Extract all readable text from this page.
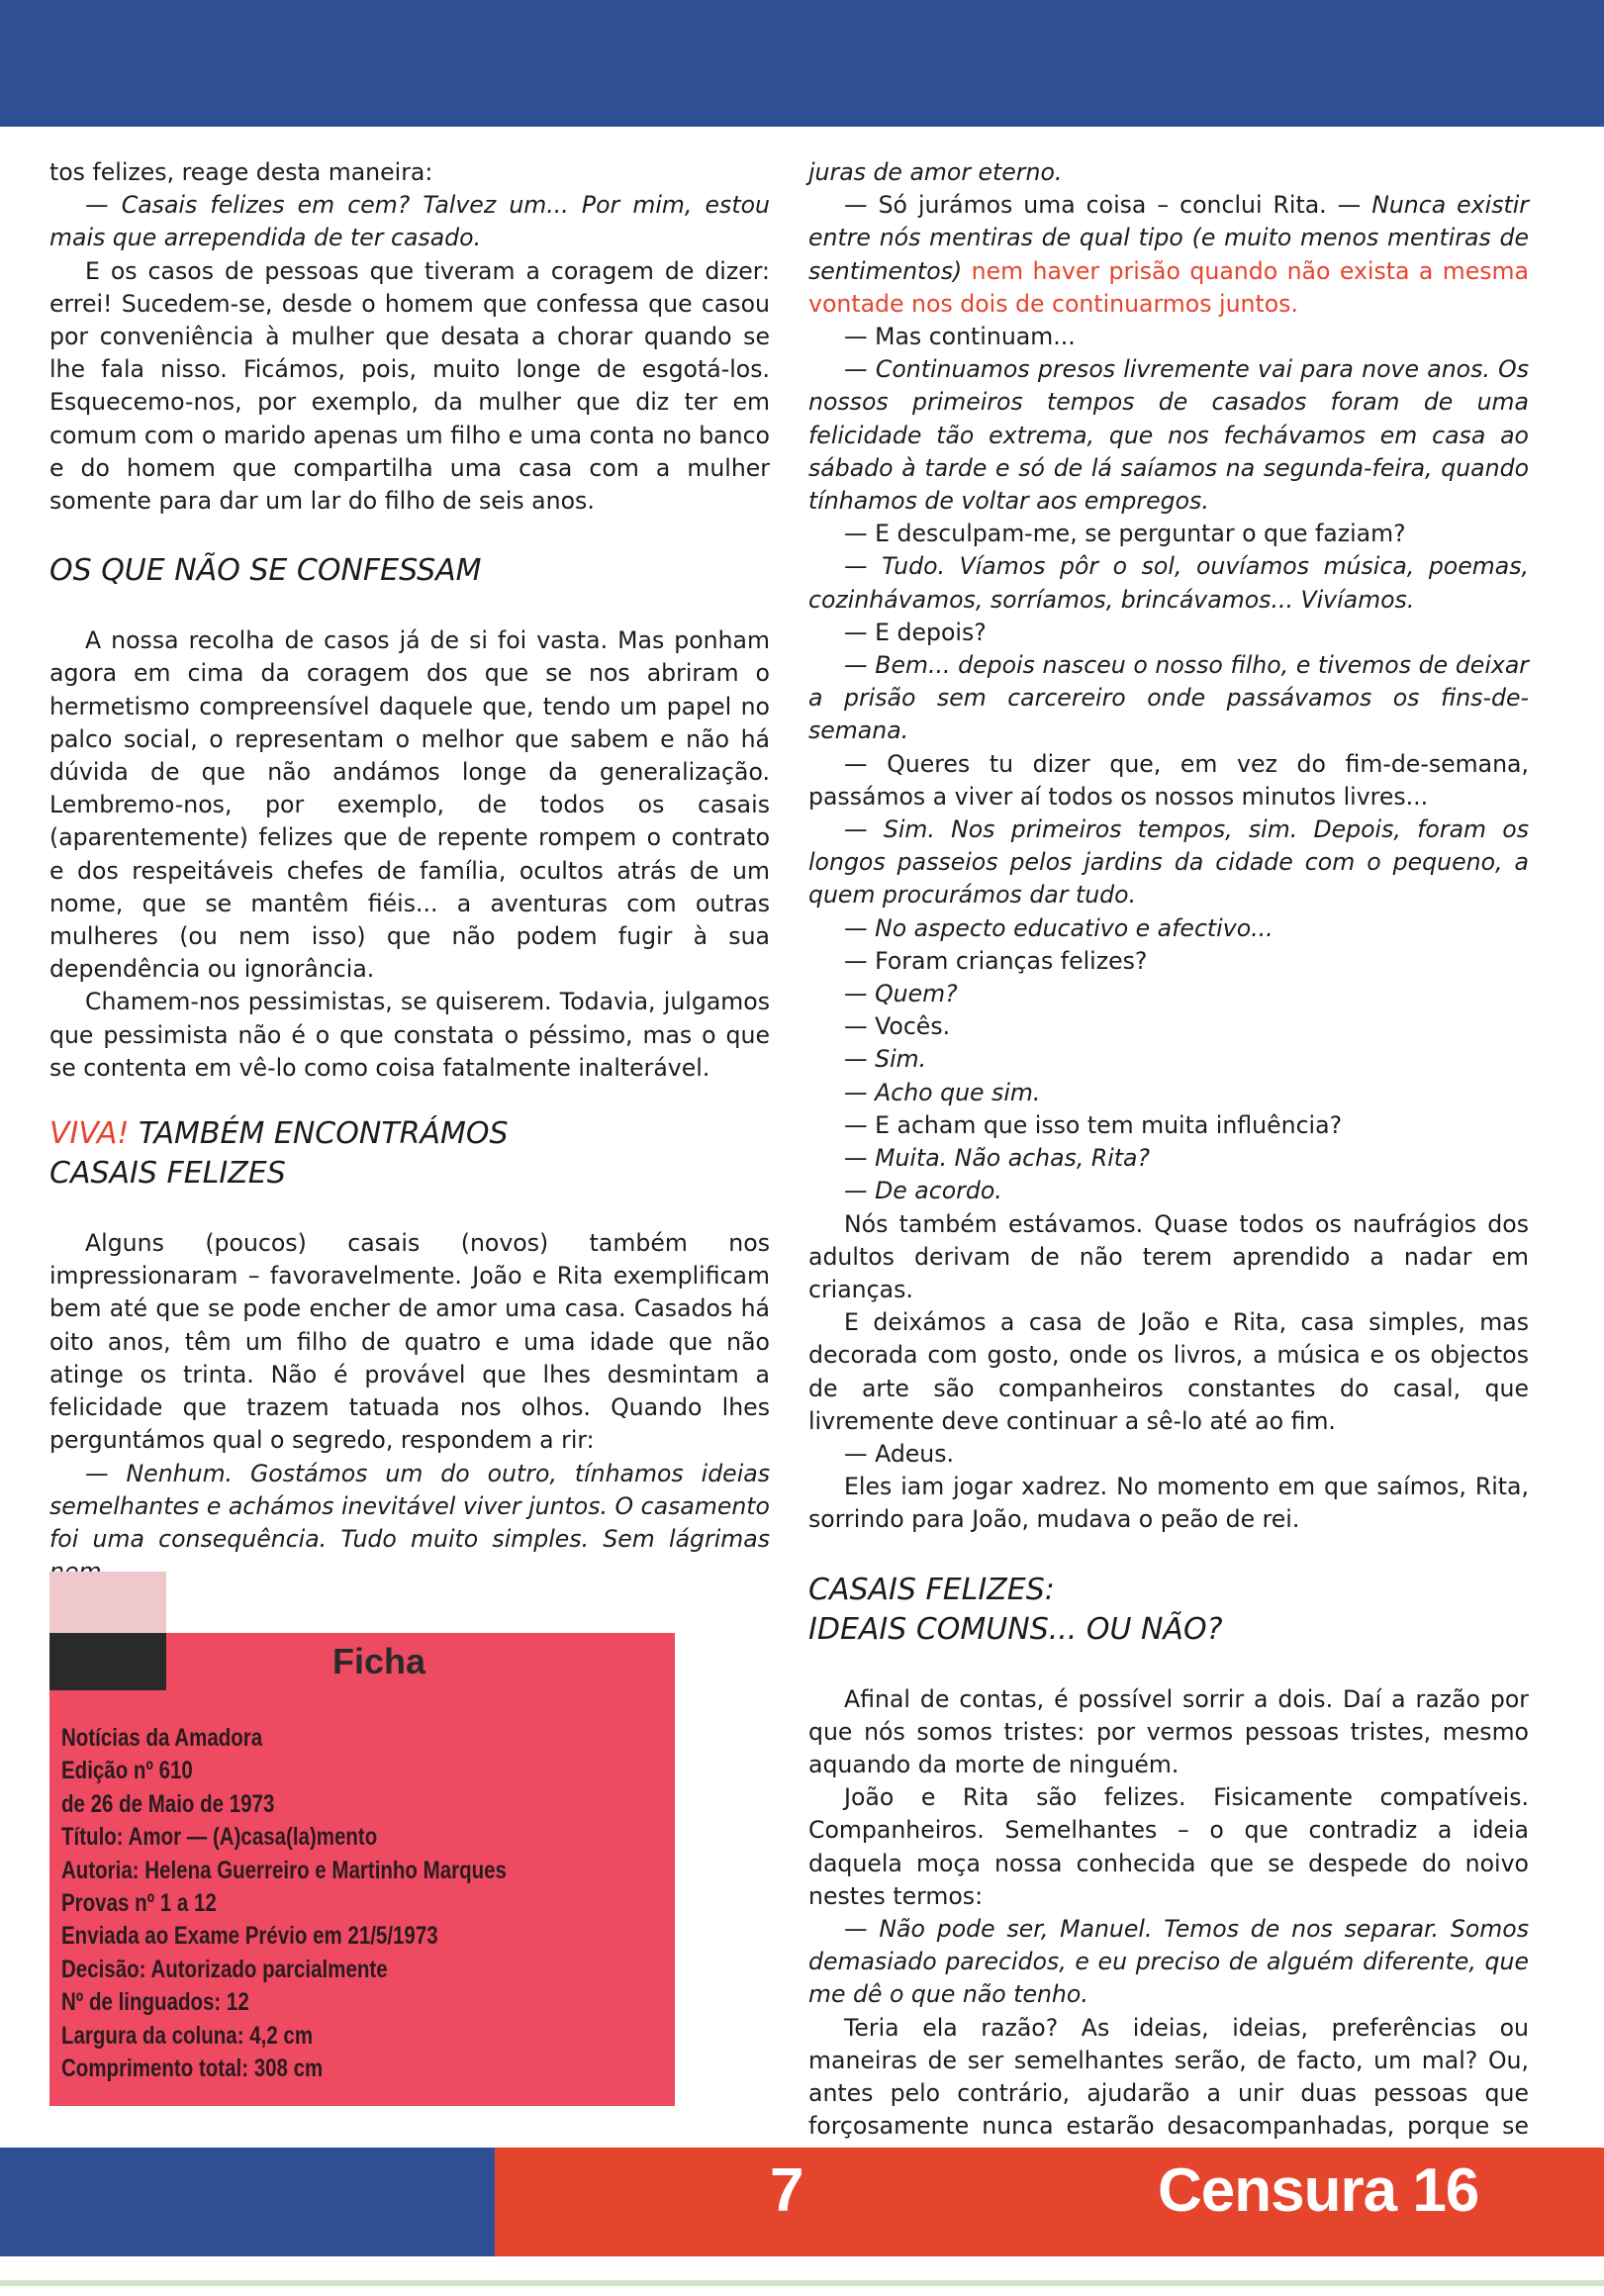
tos felizes, reage desta maneira:

— Casais felizes em cem? Talvez um... Por mim, estou mais que arrependida de ter casado.

E os casos de pessoas que tiveram a coragem de dizer: errei! Sucedem-se, desde o homem que confessa que casou por conveniência à mulher que desata a chorar quando se lhe fala nisso. Ficámos, pois, muito longe de esgotá-los. Esquecemo-nos, por exemplo, da mulher que diz ter em comum com o marido apenas um filho e uma conta no banco e do homem que compartilha uma casa com a mulher somente para dar um lar do filho de seis anos.

OS QUE NÃO SE CONFESSAM

A nossa recolha de casos já de si foi vasta. Mas ponham agora em cima da coragem dos que se nos abriram o hermetismo compreensível daquele que, tendo um papel no palco social, o representam o melhor que sabem e não há dúvida de que não andámos longe da generalização. Lembremo-nos, por exemplo, de todos os casais (aparentemente) felizes que de repente rompem o contrato e dos respeitáveis chefes de família, ocultos atrás de um nome, que se mantêm fiéis... a aventuras com outras mulheres (ou nem isso) que não podem fugir à sua dependência ou ignorância.

Chamem-nos pessimistas, se quiserem. Todavia, julgamos que pessimista não é o que constata o péssimo, mas o que se contenta em vê-lo como coisa fatalmente inalterável.

VIVA! TAMBÉM ENCONTRÁMOS

CASAIS FELIZES

Alguns (poucos) casais (novos) também nos impressionaram – favoravelmente. João e Rita exemplificam bem até que se pode encher de amor uma casa. Casados há oito anos, têm um filho de quatro e uma idade que não atinge os trinta. Não é provável que lhes desmintam a felicidade que trazem tatuada nos olhos. Quando lhes perguntámos qual o segredo, respondem a rir:

— Nenhum. Gostámos um do outro, tínhamos ideias semelhantes e achámos inevitável viver juntos. O casamento foi uma consequência. Tudo muito simples. Sem lágrimas

Ficha
Notícias da Amadora
Edição nº 610
de 26 de Maio de 1973
Título: Amor — (A)casa(la)mento
Autoria: Helena Guerreiro e Martinho Marques
Provas nº 1 a 12
Enviada ao Exame Prévio em 21/5/1973
Decisão: Autorizado parcialmente
Nº de linguados: 12
Largura da coluna: 4,2 cm
Comprimento total: 308 cm

juras de amor eterno.

— Só jurámos uma coisa – conclui Rita. — Nunca existir entre nós mentiras de qual tipo (e muito menos mentiras de sentimentos) nem haver prisão quando não exista a mesma vontade nos dois de continuarmos juntos.

— Mas continuam...

— Continuamos presos livremente vai para nove anos. Os nossos primeiros tempos de casados foram de uma felicidade tão extrema, que nos fechávamos em casa ao sábado à tarde e só de lá saíamos na segunda-feira, quando tínhamos de voltar aos empregos.

— E desculpam-me, se perguntar o que faziam?

— Tudo. Víamos pôr o sol, ouvíamos música, poemas, cozinhávamos, sorríamos, brincávamos... Vivíamos.

— E depois?

— Bem... depois nasceu o nosso filho, e tivemos de deixar a prisão sem carcereiro onde passávamos os fins-de-semana.

— Queres tu dizer que, em vez do fim-de-semana, passámos a viver aí todos os nossos minutos livres...

— Sim. Nos primeiros tempos, sim. Depois, foram os longos passeios pelos jardins da cidade com o pequeno, a quem procurámos dar tudo.

— No aspecto educativo e afectivo...

— Foram crianças felizes?

— Quem?

— Vocês.

— Sim.

— Acho que sim.

— E acham que isso tem muita influência?

— Muita. Não achas, Rita?

— De acordo.

Nós também estávamos. Quase todos os naufrágios dos adultos derivam de não terem aprendido a nadar em crianças.

E deixámos a casa de João e Rita, casa simples, mas decorada com gosto, onde os livros, a música e os objectos de arte são companheiros constantes do casal, que livremente deve continuar a sê-lo até ao fim.

— Adeus.

Eles iam jogar xadrez. No momento em que saímos, Rita, sorrindo para João, mudava o peão de rei.

CASAIS FELIZES:

IDEAIS COMUNS... OU NÃO?

Afinal de contas, é possível sorrir a dois. Daí a razão por que nós somos tristes: por vermos pessoas tristes, mesmo aquando da morte de ninguém.

João e Rita são felizes. Fisicamente compatíveis. Companheiros. Semelhantes – o que contradiz a ideia daquela moça nossa conhecida que se despede do noivo nestes termos:

— Não pode ser, Manuel. Temos de nos separar. Somos demasiado parecidos, e eu preciso de alguém diferente, que me dê o que não tenho.

Teria ela razão? As ideias, ideias, preferências ou maneiras de ser semelhantes serão, de facto, um mal? Ou, antes pelo contrário, ajudarão a unir duas pessoas que forçosamente nunca estarão desacompanhadas, porque se

7	Censura 16
